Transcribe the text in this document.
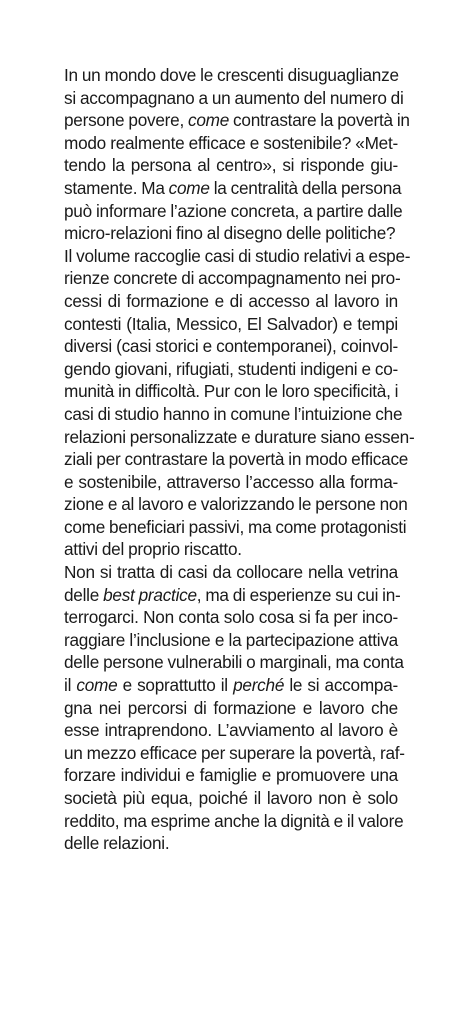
In un mondo dove le crescenti disuguaglianze
si accompagnano a un aumento del numero di
persone povere, come contrastare la povertà in
modo realmente efficace e sostenibile? «Met-
tendo la persona al centro», si risponde giu-
stamente. Ma come la centralità della persona
può informare l’azione concreta, a partire dalle
micro-relazioni fino al disegno delle politiche?
Il volume raccoglie casi di studio relativi a espe-
rienze concrete di accompagnamento nei pro-
cessi di formazione e di accesso al lavoro in
contesti (Italia, Messico, El Salvador) e tempi
diversi (casi storici e contemporanei), coinvol-
gendo giovani, rifugiati, studenti indigeni e co-
munità in difficoltà. Pur con le loro specificità, i
casi di studio hanno in comune l’intuizione che
relazioni personalizzate e durature siano essen-
ziali per contrastare la povertà in modo efficace
e sostenibile, attraverso l’accesso alla forma-
zione e al lavoro e valorizzando le persone non
come beneficiari passivi, ma come protagonisti
attivi del proprio riscatto.
Non si tratta di casi da collocare nella vetrina
delle best practice, ma di esperienze su cui in-
terrogarci. Non conta solo cosa si fa per inco-
raggiare l’inclusione e la partecipazione attiva
delle persone vulnerabili o marginali, ma conta
il come e soprattutto il perché le si accompa-
gna nei percorsi di formazione e lavoro che
esse intraprendono. L’avviamento al lavoro è
un mezzo efficace per superare la povertà, raf-
forzare individui e famiglie e promuovere una
società più equa, poiché il lavoro non è solo
reddito, ma esprime anche la dignità e il valore
delle relazioni.
